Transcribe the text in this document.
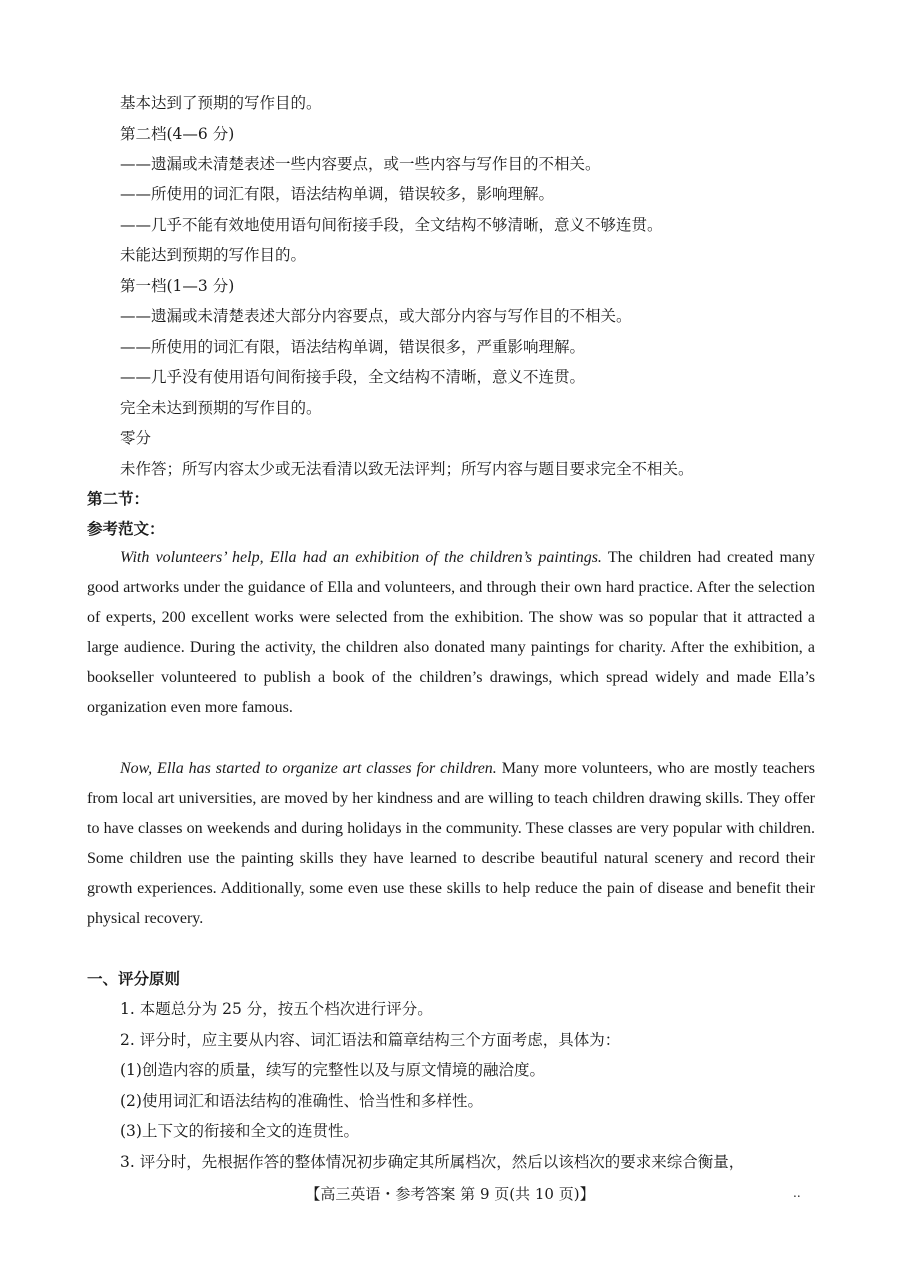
基本达到了预期的写作目的。
第二档(4—6 分)
——遗漏或未清楚表述一些内容要点，或一些内容与写作目的不相关。
——所使用的词汇有限，语法结构单调，错误较多，影响理解。
——几乎不能有效地使用语句间衔接手段，全文结构不够清晰，意义不够连贯。
未能达到预期的写作目的。
第一档(1—3 分)
——遗漏或未清楚表述大部分内容要点，或大部分内容与写作目的不相关。
——所使用的词汇有限，语法结构单调，错误很多，严重影响理解。
——几乎没有使用语句间衔接手段，全文结构不清晰，意义不连贯。
完全未达到预期的写作目的。
零分
未作答；所写内容太少或无法看清以致无法评判；所写内容与题目要求完全不相关。
第二节：
参考范文：

With volunteers’ help, Ella had an exhibition of the children’s paintings. The children had created many good artworks under the guidance of Ella and volunteers, and through their own hard practice. After the selection of experts, 200 excellent works were selected from the exhibition. The show was so popular that it attracted a large audience. During the activity, the children also donated many paintings for charity. After the exhibition, a bookseller volunteered to publish a book of the children’s drawings, which spread widely and made Ella’s organization even more famous.

Now, Ella has started to organize art classes for children. Many more volunteers, who are mostly teachers from local art universities, are moved by her kindness and are willing to teach children drawing skills. They offer to have classes on weekends and during holidays in the community. These classes are very popular with children. Some children use the painting skills they have learned to describe beautiful natural scenery and record their growth experiences. Additionally, some even use these skills to help reduce the pain of disease and benefit their physical recovery.

一、评分原则
1. 本题总分为 25 分，按五个档次进行评分。
2. 评分时，应主要从内容、词汇语法和篇章结构三个方面考虑，具体为：
(1)创造内容的质量，续写的完整性以及与原文情境的融洽度。
(2)使用词汇和语法结构的准确性、恰当性和多样性。
(3)上下文的衔接和全文的连贯性。
3. 评分时，先根据作答的整体情况初步确定其所属档次，然后以该档次的要求来综合衡量，
【高三英语・参考答案 第 9 页(共 10 页)】	..
